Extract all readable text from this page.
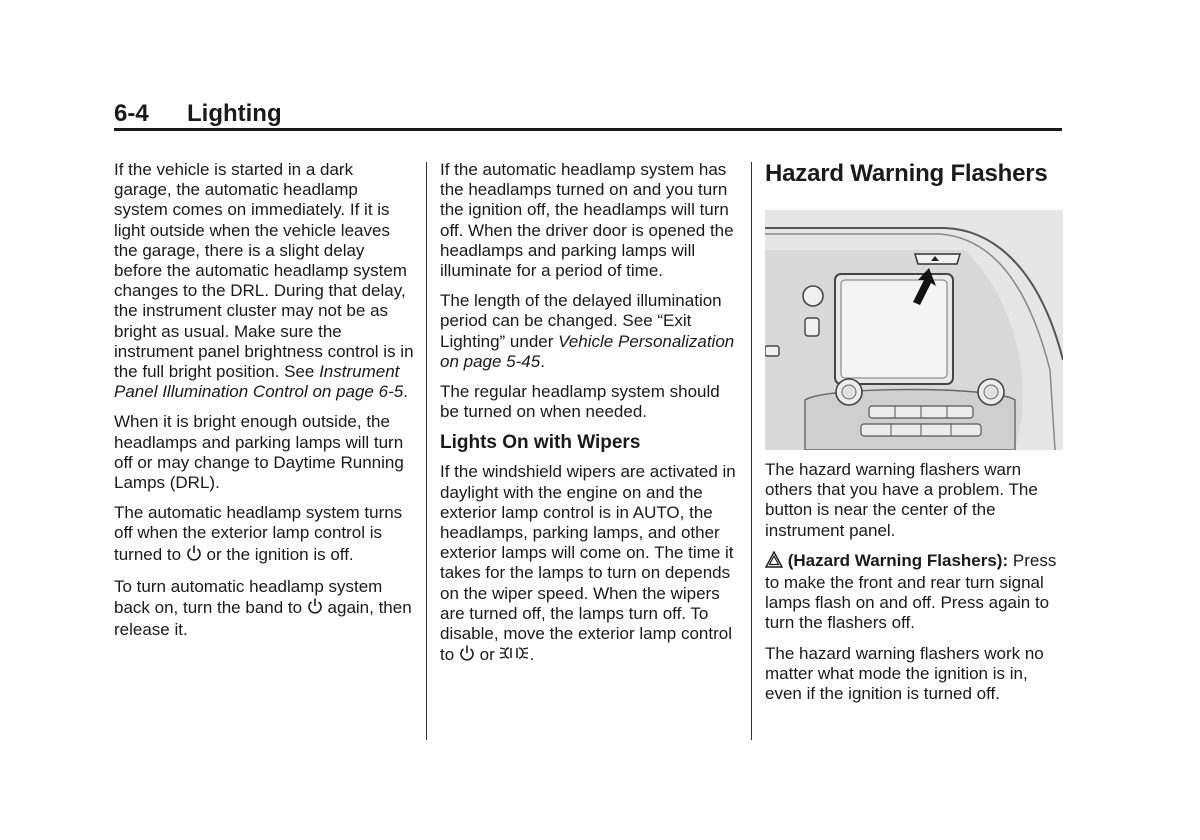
6-4 Lighting

If the vehicle is started in a dark garage, the automatic headlamp system comes on immediately. If it is light outside when the vehicle leaves the garage, there is a slight delay before the automatic headlamp system changes to the DRL. During that delay, the instrument cluster may not be as bright as usual. Make sure the instrument panel brightness control is in the full bright position. See Instrument Panel Illumination Control on page 6-5.

When it is bright enough outside, the headlamps and parking lamps will turn off or may change to Daytime Running Lamps (DRL).

The automatic headlamp system turns off when the exterior lamp control is turned to  or the ignition is off.

To turn automatic headlamp system back on, turn the band to  again, then release it.

If the automatic headlamp system has the headlamps turned on and you turn the ignition off, the headlamps will turn off. When the driver door is opened the headlamps and parking lamps will illuminate for a period of time.

The length of the delayed illumination period can be changed. See “Exit Lighting” under Vehicle Personalization on page 5-45.

The regular headlamp system should be turned on when needed.

Lights On with Wipers

If the windshield wipers are activated in daylight with the engine on and the exterior lamp control is in AUTO, the headlamps, parking lamps, and other exterior lamps will come on. The time it takes for the lamps to turn on depends on the wiper speed. When the wipers are turned off, the lamps turn off. To disable, move the exterior lamp control to  or .

Hazard Warning Flashers

The hazard warning flashers warn others that you have a problem. The button is near the center of the instrument panel.

(Hazard Warning Flashers): Press to make the front and rear turn signal lamps flash on and off. Press again to turn the flashers off.

The hazard warning flashers work no matter what mode the ignition is in, even if the ignition is turned off.
